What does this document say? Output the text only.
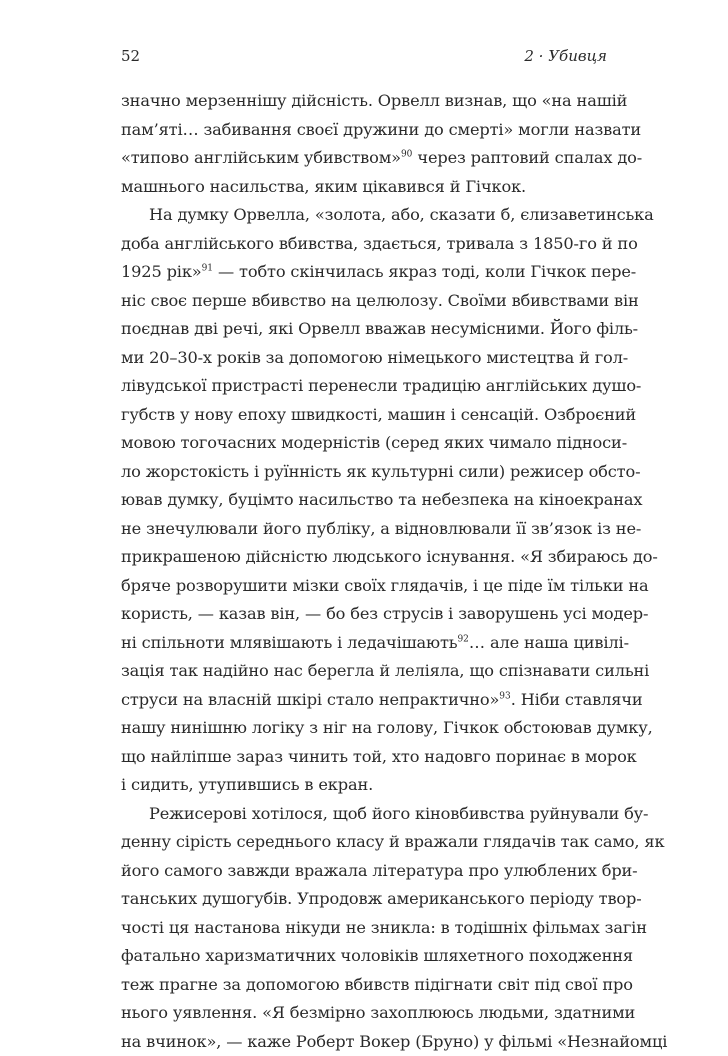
52	2 · Убивця
значно мерзеннішу дійсність. Орвелл визнав, що «на нашій
пам’яті… забивання своєї дружини до смерті» могли назвати
«типово англійським убивством»$^{90}$ через раптовий спалах до-
машнього насильства, яким цікавився й Гічкок.
На думку Орвелла, «золота, або, сказати б, єлизаветинська
доба англійського вбивства, здається, тривала з 1850-го й по
1925 рік»$^{91}$ — тобто скінчилась якраз тоді, коли Гічкок пере-
ніс своє перше вбивство на целюлозу. Своїми вбивствами він
поєднав дві речі, які Орвелл вважав несумісними. Його філь-
ми 20–30-х років за допомогою німецького мистецтва й гол-
лівудської пристрасті перенесли традицію англійських душо-
губств у нову епоху швидкості, машин і сенсацій. Озброєний
мовою тогочасних модерністів (серед яких чимало підноси-
ло жорстокість і руїнність як культурні сили) режисер обсто-
ював думку, буцімто насильство та небезпека на кіноекранах
не знечулювали його публіку, а відновлювали її зв’язок із не-
прикрашеною дійсністю людського існування. «Я збираюсь до-
бряче розворушити мізки своїх глядачів, і це піде їм тільки на
користь, — казав він, — бо без струсів і заворушень усі модер-
ні спільноти млявішають і ледачішають$^{92}$… але наша цивілі-
зація так надійно нас берегла й леліяла, що спізнавати сильні
струси на власній шкірі стало непрактично»$^{93}$. Ніби ставлячи
нашу нинішню логіку з ніг на голову, Гічкок обстоював думку,
що найліпше зараз чинить той, хто надовго поринає в морок
і сидить, утупившись в екран.
Режисерові хотілося, щоб його кіновбивства руйнували бу-
денну сірість середнього класу й вражали глядачів так само, як
його самого завжди вражала література про улюблених бри-
танських душогубів. Упродовж американського періоду твор-
чості ця настанова нікуди не зникла: в тодішніх фільмах загін
фатально харизматичних чоловіків шляхетного походження
теж прагне за допомогою вбивств підігнати світ під свої про
нього уявлення. «Я безмірно захоплююсь людьми, здатними
на вчинок», — каже Роберт Вокер (Бруно) у фільмі «Незнайомці
